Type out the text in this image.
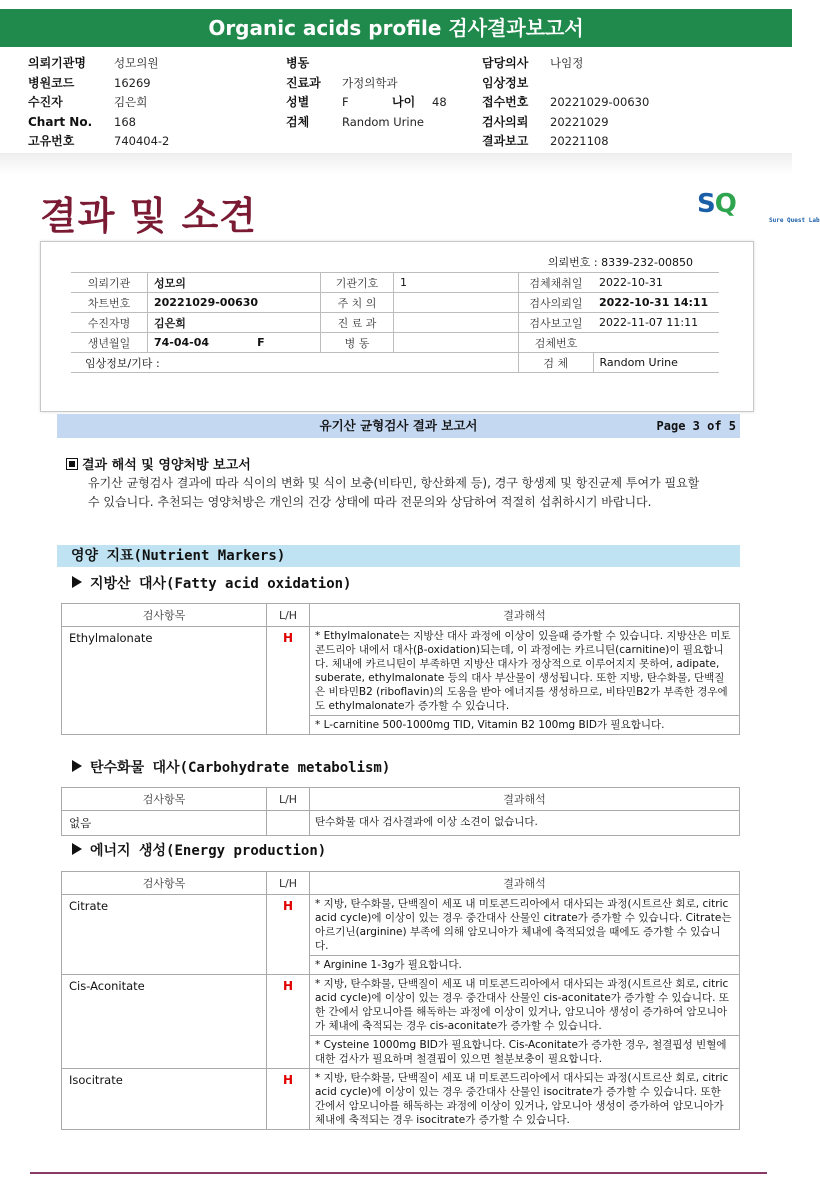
Organic acids profile 검사결과보고서
의뢰기관명	성모의원
병원코드	16269
수진자	김은희
Chart No.	168
고유번호	740404-2
병동
진료과	가정의학과
성별	F	나이	48
검체	Random Urine
담당의사	나임정
임상정보
접수번호	20221029-00630
검사의뢰	20221029
결과보고	20221108
결과 및 소견	SQ
Sure Quest Lab
의뢰번호 : 8339-232-00850
의뢰기관	성모의	기관기호	1	검체채취일	2022-10-31
차트번호	20221029-00630	주 치 의		검사의뢰일	2022-10-31 14:11
수진자명	김은희	진 료 과		검사보고일	2022-11-07 11:11
생년월일	74-04-04 F	병 동		검체번호	
임상정보/기타 :				검 체	Random Urine
유기산 균형검사 결과 보고서	Page 3 of 5
결과 해석 및 영양처방 보고서
유기산 균형검사 결과에 따라 식이의 변화 및 식이 보충(비타민, 항산화제 등), 경구 항생제 및 항진균제 투여가 필요할 수 있습니다. 추천되는 영양처방은 개인의 건강 상태에 따라 전문의와 상담하여 적절히 섭취하시기 바랍니다.
영양 지표(Nutrient Markers)
지방산 대사(Fatty acid oxidation)
검사항목	L/H	결과해석
Ethylmalonate	H	* Ethylmalonate는 지방산 대사 과정에 이상이 있을때 증가할 수 있습니다. 지방산은 미토콘드리아 내에서 대사(β-oxidation)되는데, 이 과정에는 카르니틴(carnitine)이 필요합니다. 체내에 카르니틴이 부족하면 지방산 대사가 정상적으로 이루어지지 못하여, adipate, suberate, ethylmalonate 등의 대사 부산물이 생성됩니다. 또한 지방, 탄수화물, 단백질은 비타민B2 (riboflavin)의 도움을 받아 에너지를 생성하므로, 비타민B2가 부족한 경우에도 ethylmalonate가 증가할 수 있습니다.
* L-carnitine 500-1000mg TID, Vitamin B2 100mg BID가 필요합니다.
탄수화물 대사(Carbohydrate metabolism)
검사항목	L/H	결과해석
없음		탄수화물 대사 검사결과에 이상 소견이 없습니다.
에너지 생성(Energy production)
검사항목	L/H	결과해석
Citrate	H	* 지방, 탄수화물, 단백질이 세포 내 미토콘드리아에서 대사되는 과정(시트르산 회로, citric acid cycle)에 이상이 있는 경우 중간대사 산물인 citrate가 증가할 수 있습니다. Citrate는 아르기닌(arginine) 부족에 의해 암모니아가 체내에 축적되었을 때에도 증가할 수 있습니다.
* Arginine 1-3g가 필요합니다.

Cis-Aconitate	H	* 지방, 탄수화물, 단백질이 세포 내 미토콘드리아에서 대사되는 과정(시트르산 회로, citric acid cycle)에 이상이 있는 경우 중간대사 산물인 cis-aconitate가 증가할 수 있습니다. 또한 간에서 암모니아를 해독하는 과정에 이상이 있거나, 암모니아 생성이 증가하여 암모니아가 체내에 축적되는 경우 cis-aconitate가 증가할 수 있습니다.
* Cysteine 1000mg BID가 필요합니다. Cis-Aconitate가 증가한 경우, 철결핍성 빈혈에 대한 검사가 필요하며 철결핍이 있으면 철분보충이 필요합니다.

Isocitrate	H	* 지방, 탄수화물, 단백질이 세포 내 미토콘드리아에서 대사되는 과정(시트르산 회로, citric acid cycle)에 이상이 있는 경우 중간대사 산물인 isocitrate가 증가할 수 있습니다. 또한 간에서 암모니아를 해독하는 과정에 이상이 있거나, 암모니아 생성이 증가하여 암모니아가 체내에 축적되는 경우 isocitrate가 증가할 수 있습니다.
